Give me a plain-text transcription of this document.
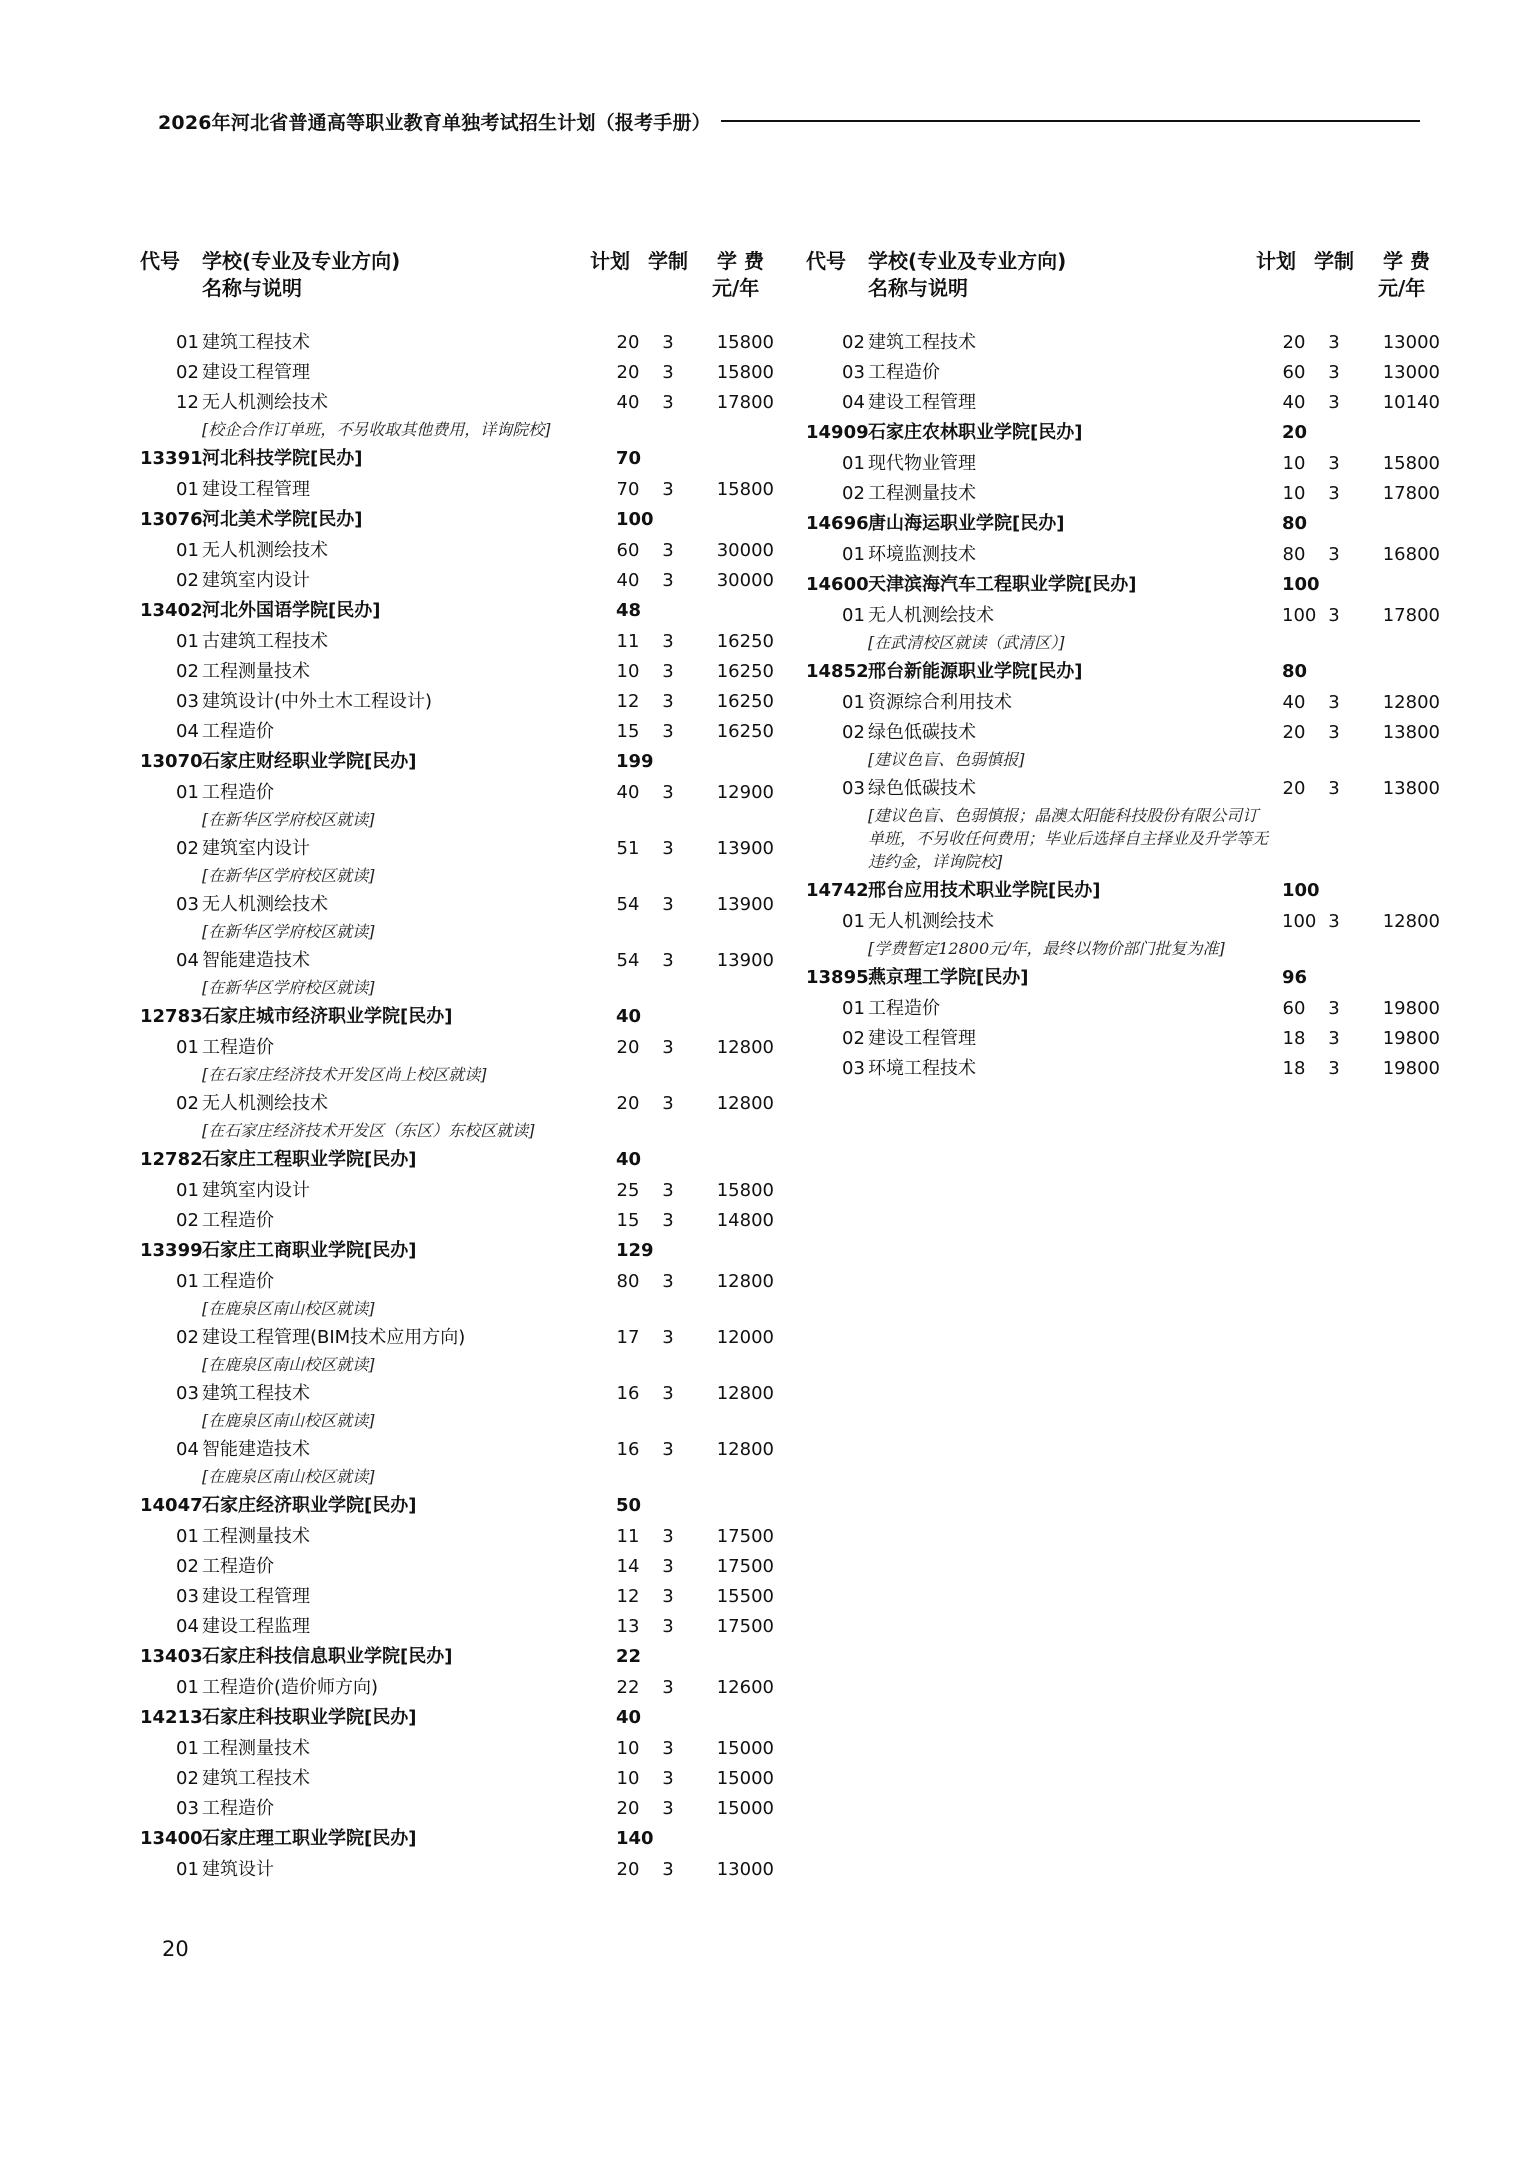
2026年河北省普通高等职业教育单独考试招生计划（报考手册）
代号 学校(专业及专业方向)
名称与说明
计划 学制 学 费
元/年
01 建筑工程技术	20 3 15800
02 建设工程管理	20 3 15800
12 无人机测绘技术	40 3 17800
[校企合作订单班，不另收取其他费用，详询院校]
13391 河北科技学院[民办]	70
01 建设工程管理	70 3 15800
13076 河北美术学院[民办]	100
01 无人机测绘技术	60 3 30000
02 建筑室内设计	40 3 30000
13402 河北外国语学院[民办]	48
01 古建筑工程技术	11 3 16250
02 工程测量技术	10 3 16250
03 建筑设计(中外土木工程设计)	12 3 16250
04 工程造价	15 3 16250
13070 石家庄财经职业学院[民办]	199
01 工程造价	40 3 12900
[在新华区学府校区就读]
02 建筑室内设计	51 3 13900
[在新华区学府校区就读]
03 无人机测绘技术	54 3 13900
[在新华区学府校区就读]
04 智能建造技术	54 3 13900
[在新华区学府校区就读]
12783 石家庄城市经济职业学院[民办]	40
01 工程造价	20 3 12800
[在石家庄经济技术开发区尚上校区就读]
02 无人机测绘技术	20 3 12800
[在石家庄经济技术开发区（东区）东校区就读]
12782 石家庄工程职业学院[民办]	40
01 建筑室内设计	25 3 15800
02 工程造价	15 3 14800
13399 石家庄工商职业学院[民办]	129
01 工程造价	80 3 12800
[在鹿泉区南山校区就读]
02 建设工程管理(BIM技术应用方向)	17 3 12000
[在鹿泉区南山校区就读]
03 建筑工程技术	16 3 12800
[在鹿泉区南山校区就读]
04 智能建造技术	16 3 12800
[在鹿泉区南山校区就读]
14047 石家庄经济职业学院[民办]	50
01 工程测量技术	11 3 17500
02 工程造价	14 3 17500
03 建设工程管理	12 3 15500
04 建设工程监理	13 3 17500
13403 石家庄科技信息职业学院[民办]	22
01 工程造价(造价师方向)	22 3 12600
14213 石家庄科技职业学院[民办]	40
01 工程测量技术	10 3 15000
02 建筑工程技术	10 3 15000
03 工程造价	20 3 15000
13400 石家庄理工职业学院[民办]	140
01 建筑设计	20 3 13000
代号 学校(专业及专业方向)
名称与说明
计划 学制 学 费
元/年
02 建筑工程技术	20 3 13000
03 工程造价	60 3 13000
04 建设工程管理	40 3 10140
14909 石家庄农林职业学院[民办]	20
01 现代物业管理	10 3 15800
02 工程测量技术	10 3 17800
14696 唐山海运职业学院[民办]	80
01 环境监测技术	80 3 16800
14600 天津滨海汽车工程职业学院[民办]	100
01 无人机测绘技术	100 3 17800
[在武清校区就读（武清区）]
14852 邢台新能源职业学院[民办]	80
01 资源综合利用技术	40 3 12800
02 绿色低碳技术	20 3 13800
[建议色盲、色弱慎报]
03 绿色低碳技术	20 3 13800
[建议色盲、色弱慎报；晶澳太阳能科技股份有限公司订单班，不另收任何费用；毕业后选择自主择业及升学等无违约金，详询院校]
14742 邢台应用技术职业学院[民办]	100
01 无人机测绘技术	100 3 12800
[学费暂定12800元/年，最终以物价部门批复为准]
13895 燕京理工学院[民办]	96
01 工程造价	60 3 19800
02 建设工程管理	18 3 19800
03 环境工程技术	18 3 19800
20
